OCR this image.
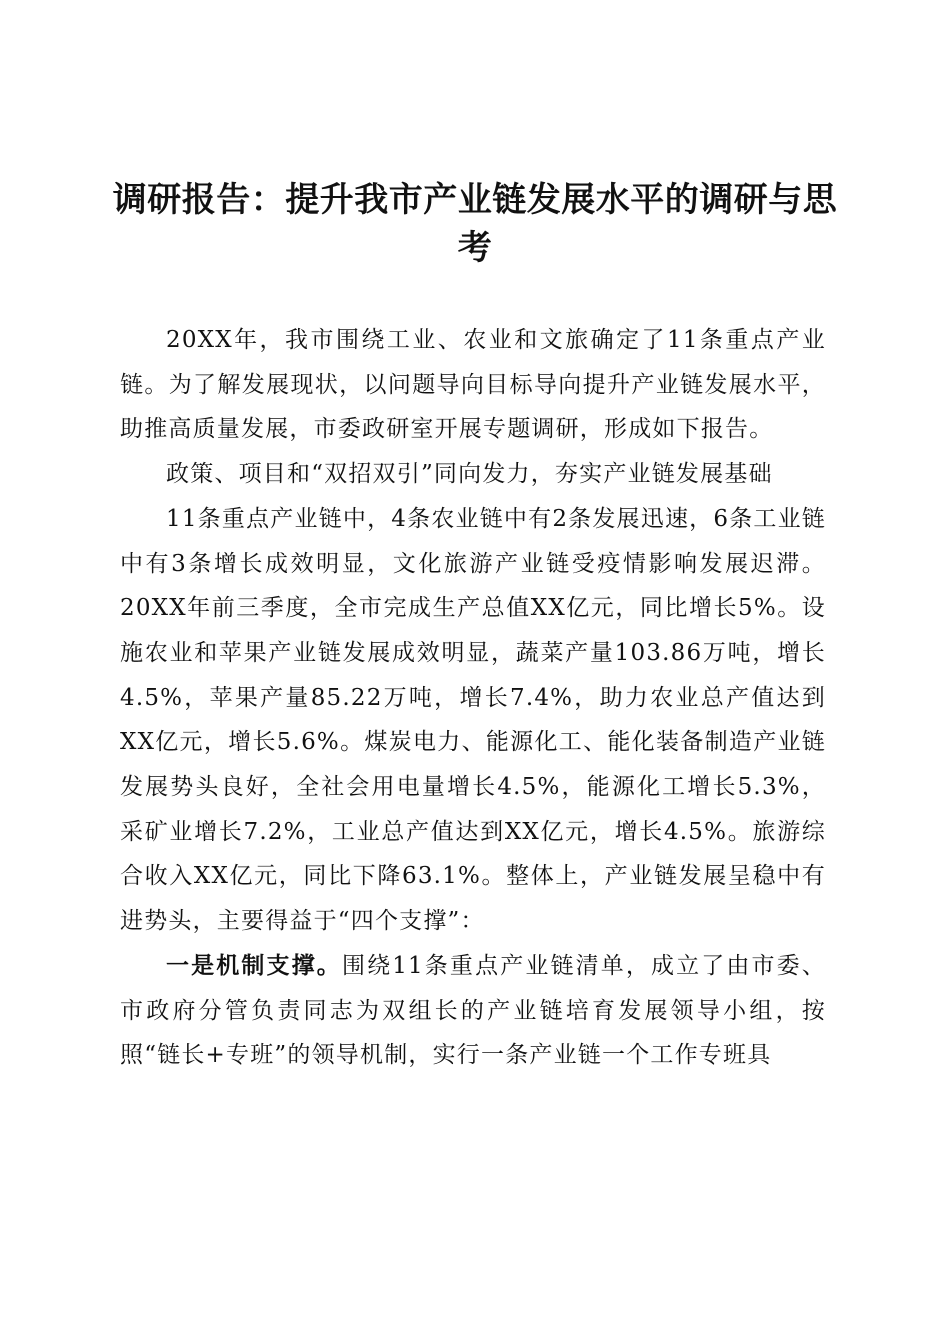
调研报告：提升我市产业链发展水平的调研与思考

20XX年，我市围绕工业、农业和文旅确定了11条重点产业链。为了解发展现状，以问题导向目标导向提升产业链发展水平，助推高质量发展，市委政研室开展专题调研，形成如下报告。

政策、项目和“双招双引”同向发力，夯实产业链发展基础

11条重点产业链中，4条农业链中有2条发展迅速，6条工业链中有3条增长成效明显，文化旅游产业链受疫情影响发展迟滞。20XX年前三季度，全市完成生产总值XX亿元，同比增长5%。设施农业和苹果产业链发展成效明显，蔬菜产量103.86万吨，增长4.5%，苹果产量85.22万吨，增长7.4%，助力农业总产值达到XX亿元，增长5.6%。煤炭电力、能源化工、能化装备制造产业链发展势头良好，全社会用电量增长4.5%，能源化工增长5.3%，采矿业增长7.2%，工业总产值达到XX亿元，增长4.5%。旅游综合收入XX亿元，同比下降63.1%。整体上，产业链发展呈稳中有进势头，主要得益于“四个支撑”：

一是机制支撑。围绕11条重点产业链清单，成立了由市委、市政府分管负责同志为双组长的产业链培育发展领导小组，按照“链长+专班”的领导机制，实行一条产业链一个工作专班具
